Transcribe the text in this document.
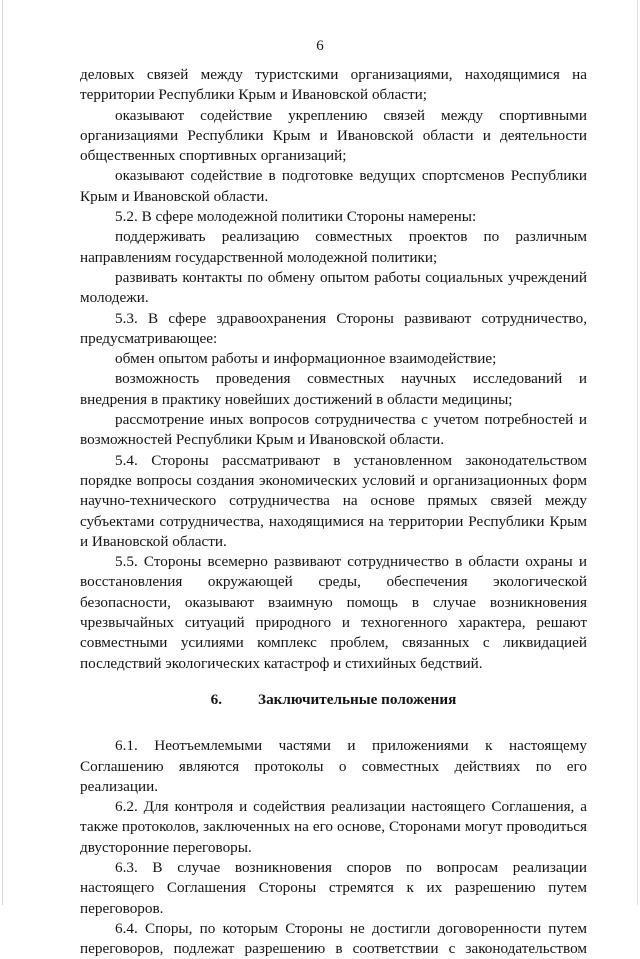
6

деловых связей между туристскими организациями, находящимися на территории Республики Крым и Ивановской области;

оказывают содействие укреплению связей между спортивными организациями Республики Крым и Ивановской области и деятельности общественных спортивных организаций;

оказывают содействие в подготовке ведущих спортсменов Республики Крым и Ивановской области.

5.2. В сфере молодежной политики Стороны намерены:

поддерживать реализацию совместных проектов по различным направлениям государственной молодежной политики;

развивать контакты по обмену опытом работы социальных учреждений молодежи.

5.3. В сфере здравоохранения Стороны развивают сотрудничество, предусматривающее:

обмен опытом работы и информационное взаимодействие;

возможность проведения совместных научных исследований и внедрения в практику новейших достижений в области медицины;

рассмотрение иных вопросов сотрудничества с учетом потребностей и возможностей Республики Крым и Ивановской области.

5.4. Стороны рассматривают в установленном законодательством порядке вопросы создания экономических условий и организационных форм научно-технического сотрудничества на основе прямых связей между субъектами сотрудничества, находящимися на территории Республики Крым и Ивановской области.

5.5. Стороны всемерно развивают сотрудничество в области охраны и восстановления окружающей среды, обеспечения экологической безопасности, оказывают взаимную помощь в случае возникновения чрезвычайных ситуаций природного и техногенного характера, решают совместными усилиями комплекс проблем, связанных с ликвидацией последствий экологических катастроф и стихийных бедствий.

6. Заключительные положения

6.1. Неотъемлемыми частями и приложениями к настоящему Соглашению являются протоколы о совместных действиях по его реализации.

6.2. Для контроля и содействия реализации настоящего Соглашения, а также протоколов, заключенных на его основе, Сторонами могут проводиться двусторонние переговоры.

6.3. В случае возникновения споров по вопросам реализации настоящего Соглашения Стороны стремятся к их разрешению путем переговоров.

6.4. Споры, по которым Стороны не достигли договоренности путем переговоров, подлежат разрешению в соответствии с законодательством
